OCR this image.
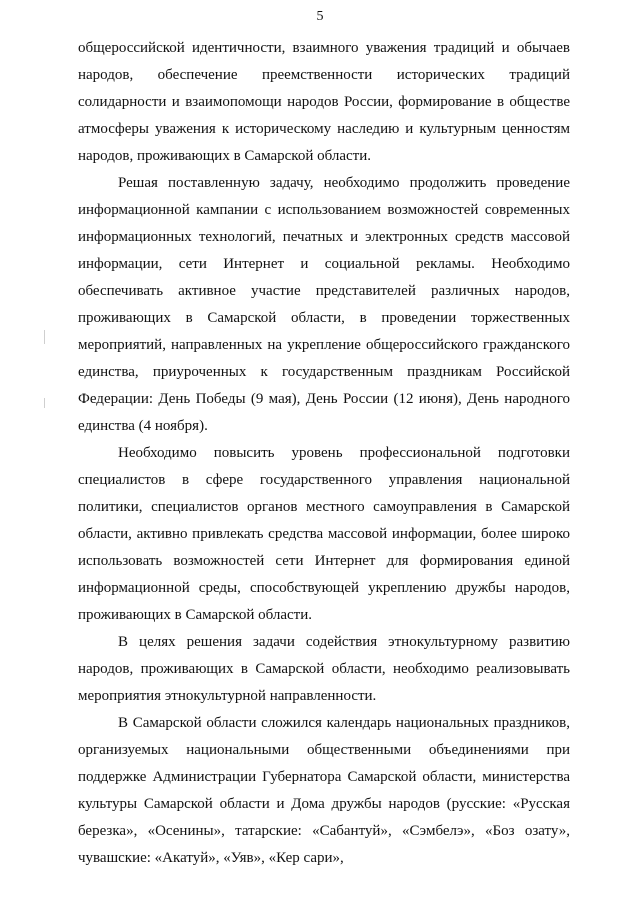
5

общероссийской идентичности, взаимного уважения традиций и обычаев народов, обеспечение преемственности исторических традиций солидарности и взаимопомощи народов России, формирование в обществе атмосферы уважения к историческому наследию и культурным ценностям народов, проживающих в Самарской области.

Решая поставленную задачу, необходимо продолжить проведение информационной кампании с использованием возможностей современных информационных технологий, печатных и электронных средств массовой информации, сети Интернет и социальной рекламы. Необходимо обеспечивать активное участие представителей различных народов, проживающих в Самарской области, в проведении торжественных мероприятий, направленных на укрепление общероссийского гражданского единства, приуроченных к государственным праздникам Российской Федерации: День Победы (9 мая), День России (12 июня), День народного единства (4 ноября).

Необходимо повысить уровень профессиональной подготовки специалистов в сфере государственного управления национальной политики, специалистов органов местного самоуправления в Самарской области, активно привлекать средства массовой информации, более широко использовать возможностей сети Интернет для формирования единой информационной среды, способствующей укреплению дружбы народов, проживающих в Самарской области.

В целях решения задачи содействия этнокультурному развитию народов, проживающих в Самарской области, необходимо реализовывать мероприятия этнокультурной направленности.

В Самарской области сложился календарь национальных праздников, организуемых национальными общественными объединениями при поддержке Администрации Губернатора Самарской области, министерства культуры Самарской области и Дома дружбы народов (русские: «Русская березка», «Осенины», татарские: «Сабантуй», «Сэмбелэ», «Боз озату», чувашские: «Акатуй», «Уяв», «Кер сари»,
